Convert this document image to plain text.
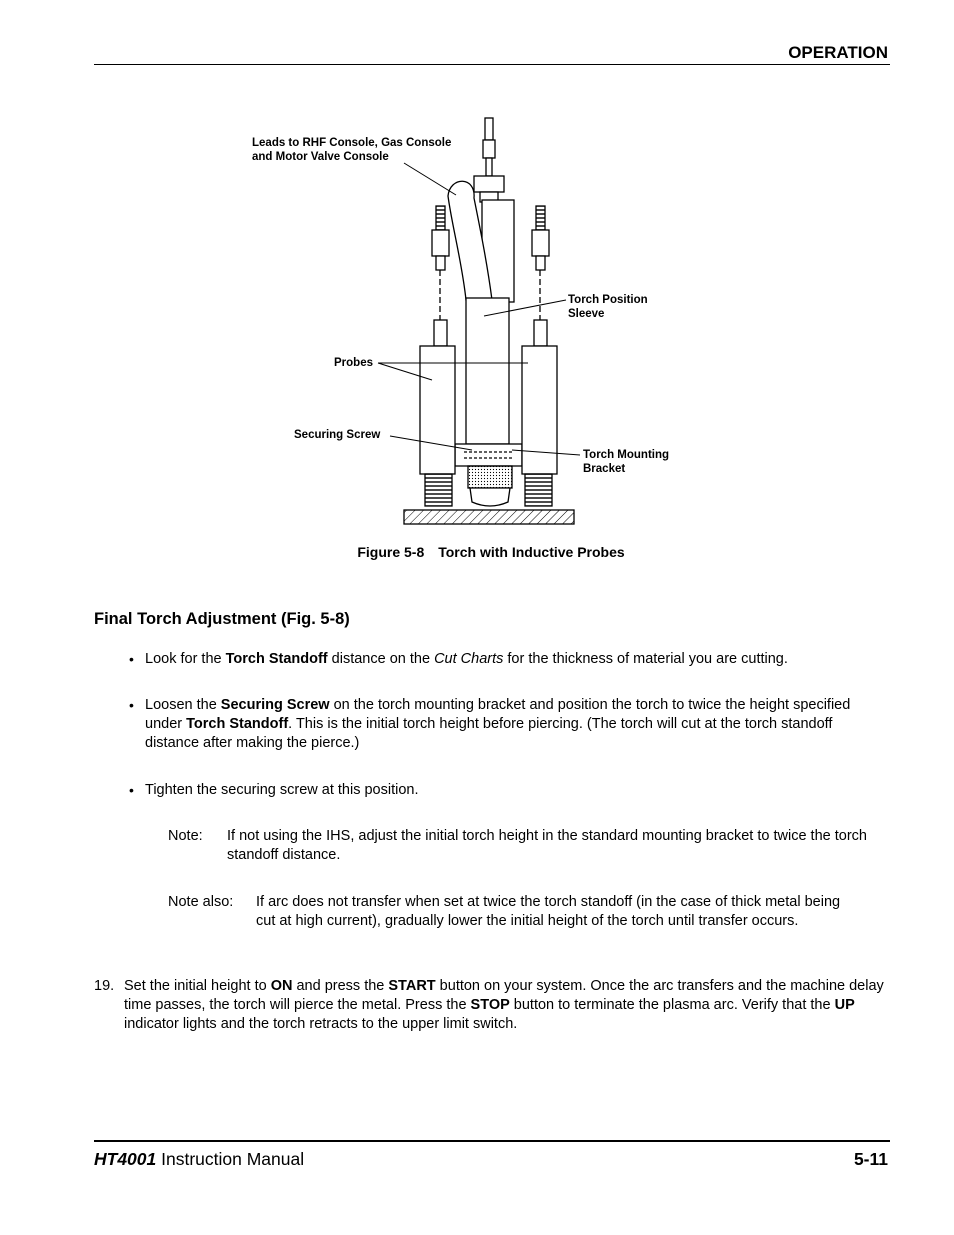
OPERATION
Leads to RHF Console, Gas Console
and Motor Valve Console
Torch Position
Sleeve
Probes
Securing Screw
Torch Mounting
Bracket
Figure 5-8 Torch with Inductive Probes
Final Torch Adjustment (Fig. 5-8)
• Look for the Torch Standoff distance on the Cut Charts for the thickness of material you are cutting.
• Loosen the Securing Screw on the torch mounting bracket and position the torch to twice the height specified under Torch Standoff. This is the initial torch height before piercing. (The torch will cut at the torch standoff distance after making the pierce.)
• Tighten the securing screw at this position.
Note: If not using the IHS, adjust the initial torch height in the standard mounting bracket to twice the torch standoff distance.
Note also: If arc does not transfer when set at twice the torch standoff (in the case of thick metal being cut at high current), gradually lower the initial height of the torch until transfer occurs.
19. Set the initial height to ON and press the START button on your system. Once the arc transfers and the machine delay time passes, the torch will pierce the metal. Press the STOP button to terminate the plasma arc. Verify that the UP indicator lights and the torch retracts to the upper limit switch.
HT4001 Instruction Manual	5-11
